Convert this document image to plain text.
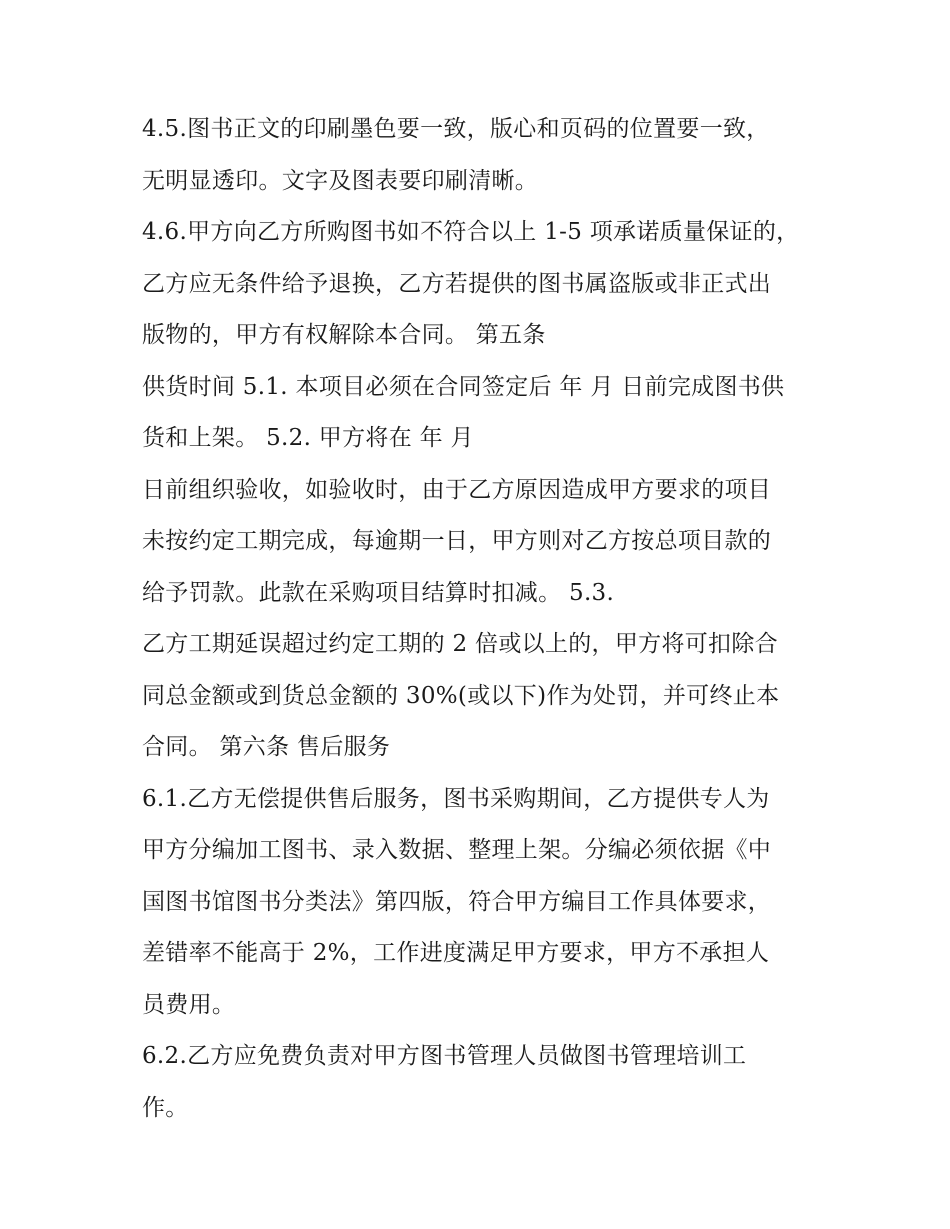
4.5.图书正文的印刷墨色要一致，版心和页码的位置要一致，
无明显透印。文字及图表要印刷清晰。
4.6.甲方向乙方所购图书如不符合以上 1-5 项承诺质量保证的，
乙方应无条件给予退换，乙方若提供的图书属盗版或非正式出
版物的，甲方有权解除本合同。 第五条
供货时间 5.1. 本项目必须在合同签定后 年 月 日前完成图书供
货和上架。 5.2. 甲方将在 年 月
日前组织验收，如验收时，由于乙方原因造成甲方要求的项目
未按约定工期完成，每逾期一日，甲方则对乙方按总项目款的
给予罚款。此款在采购项目结算时扣减。 5.3.
乙方工期延误超过约定工期的 2 倍或以上的，甲方将可扣除合
同总金额或到货总金额的 30%(或以下)作为处罚，并可终止本
合同。 第六条 售后服务
6.1.乙方无偿提供售后服务，图书采购期间，乙方提供专人为
甲方分编加工图书、录入数据、整理上架。分编必须依据《中
国图书馆图书分类法》第四版，符合甲方编目工作具体要求，
差错率不能高于 2%，工作进度满足甲方要求，甲方不承担人
员费用。
6.2.乙方应免费负责对甲方图书管理人员做图书管理培训工
作。
